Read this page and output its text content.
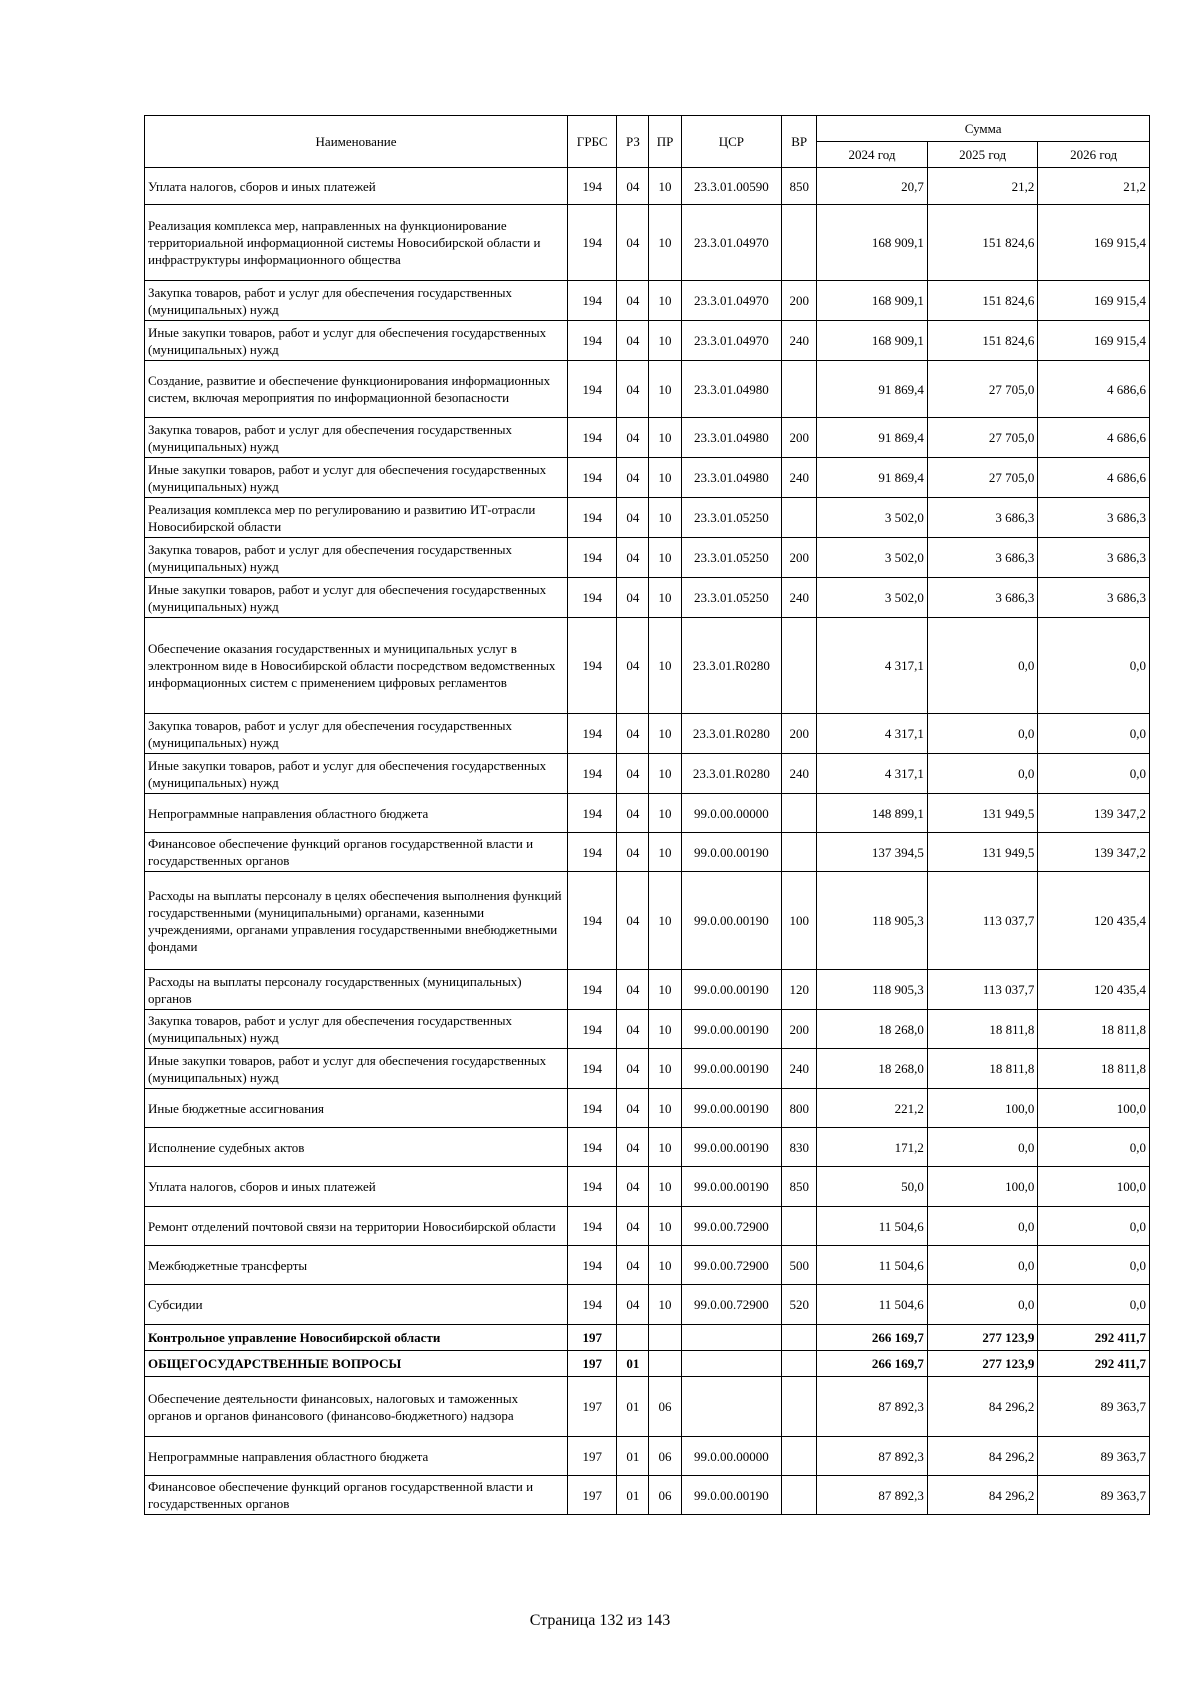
Наименование	ГРБС	РЗ	ПР	ЦСР	ВР	Сумма		
						2024 год	2025 год	2026 год
Уплата налогов, сборов и иных платежей	194	04	10	23.3.01.00590	850	20,7	21,2	21,2
Реализация комплекса мер, направленных на функционирование территориальной информационной системы Новосибирской области и инфраструктуры информационного общества	194	04	10	23.3.01.04970		168 909,1	151 824,6	169 915,4
Закупка товаров, работ и услуг для обеспечения государственных (муниципальных) нужд	194	04	10	23.3.01.04970	200	168 909,1	151 824,6	169 915,4
Иные закупки товаров, работ и услуг для обеспечения государственных (муниципальных) нужд	194	04	10	23.3.01.04970	240	168 909,1	151 824,6	169 915,4
Создание, развитие и обеспечение функционирования информационных систем, включая мероприятия по информационной безопасности	194	04	10	23.3.01.04980		91 869,4	27 705,0	4 686,6
Закупка товаров, работ и услуг для обеспечения государственных (муниципальных) нужд	194	04	10	23.3.01.04980	200	91 869,4	27 705,0	4 686,6
Иные закупки товаров, работ и услуг для обеспечения государственных (муниципальных) нужд	194	04	10	23.3.01.04980	240	91 869,4	27 705,0	4 686,6
Реализация комплекса мер по регулированию и развитию ИТ-отрасли Новосибирской области	194	04	10	23.3.01.05250		3 502,0	3 686,3	3 686,3
Закупка товаров, работ и услуг для обеспечения государственных (муниципальных) нужд	194	04	10	23.3.01.05250	200	3 502,0	3 686,3	3 686,3
Иные закупки товаров, работ и услуг для обеспечения государственных (муниципальных) нужд	194	04	10	23.3.01.05250	240	3 502,0	3 686,3	3 686,3
Обеспечение оказания государственных и муниципальных услуг в электронном виде в Новосибирской области посредством ведомственных информационных систем с применением цифровых регламентов	194	04	10	23.3.01.R0280		4 317,1	0,0	0,0
Закупка товаров, работ и услуг для обеспечения государственных (муниципальных) нужд	194	04	10	23.3.01.R0280	200	4 317,1	0,0	0,0
Иные закупки товаров, работ и услуг для обеспечения государственных (муниципальных) нужд	194	04	10	23.3.01.R0280	240	4 317,1	0,0	0,0
Непрограммные направления областного бюджета	194	04	10	99.0.00.00000		148 899,1	131 949,5	139 347,2
Финансовое обеспечение функций органов государственной власти и государственных органов	194	04	10	99.0.00.00190		137 394,5	131 949,5	139 347,2
Расходы на выплаты персоналу в целях обеспечения выполнения функций государственными (муниципальными) органами, казенными учреждениями, органами управления государственными внебюджетными фондами	194	04	10	99.0.00.00190	100	118 905,3	113 037,7	120 435,4
Расходы на выплаты персоналу государственных (муниципальных) органов	194	04	10	99.0.00.00190	120	118 905,3	113 037,7	120 435,4
Закупка товаров, работ и услуг для обеспечения государственных (муниципальных) нужд	194	04	10	99.0.00.00190	200	18 268,0	18 811,8	18 811,8
Иные закупки товаров, работ и услуг для обеспечения государственных (муниципальных) нужд	194	04	10	99.0.00.00190	240	18 268,0	18 811,8	18 811,8
Иные бюджетные ассигнования	194	04	10	99.0.00.00190	800	221,2	100,0	100,0
Исполнение судебных актов	194	04	10	99.0.00.00190	830	171,2	0,0	0,0
Уплата налогов, сборов и иных платежей	194	04	10	99.0.00.00190	850	50,0	100,0	100,0
Ремонт отделений почтовой связи на территории Новосибирской области	194	04	10	99.0.00.72900		11 504,6	0,0	0,0
Межбюджетные трансферты	194	04	10	99.0.00.72900	500	11 504,6	0,0	0,0
Субсидии	194	04	10	99.0.00.72900	520	11 504,6	0,0	0,0
Контрольное управление Новосибирской области	197					266 169,7	277 123,9	292 411,7
ОБЩЕГОСУДАРСТВЕННЫЕ ВОПРОСЫ	197	01				266 169,7	277 123,9	292 411,7
Обеспечение деятельности финансовых, налоговых и таможенных органов и органов финансового (финансово-бюджетного) надзора	197	01	06			87 892,3	84 296,2	89 363,7
Непрограммные направления областного бюджета	197	01	06	99.0.00.00000		87 892,3	84 296,2	89 363,7
Финансовое обеспечение функций органов государственной власти и государственных органов	197	01	06	99.0.00.00190		87 892,3	84 296,2	89 363,7
Страница 132 из 143
